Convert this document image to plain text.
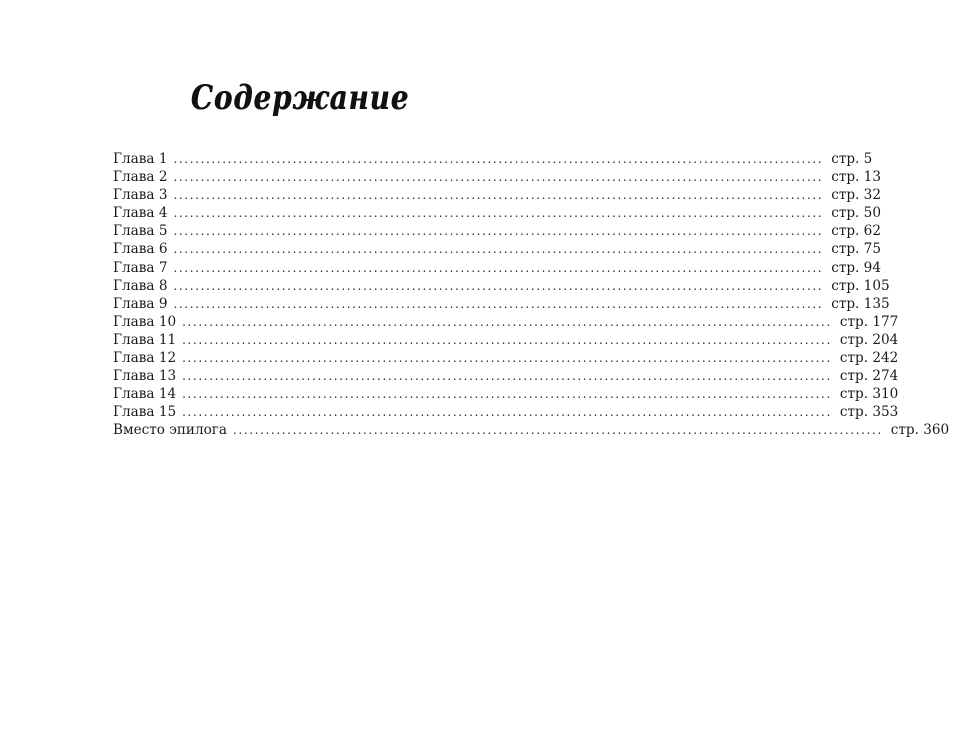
Содержание
Глава 1 ........................................................................................................................ стр. 5
Глава 2 ........................................................................................................................ стр. 13
Глава 3 ........................................................................................................................ стр. 32
Глава 4 ........................................................................................................................ стр. 50
Глава 5 ........................................................................................................................ стр. 62
Глава 6 ........................................................................................................................ стр. 75
Глава 7 ........................................................................................................................ стр. 94
Глава 8 ........................................................................................................................ стр. 105
Глава 9 ........................................................................................................................ стр. 135
Глава 10 ........................................................................................................................ стр. 177
Глава 11 ........................................................................................................................ стр. 204
Глава 12 ........................................................................................................................ стр. 242
Глава 13 ........................................................................................................................ стр. 274
Глава 14 ........................................................................................................................ стр. 310
Глава 15 ........................................................................................................................ стр. 353
Вместо эпилога ........................................................................................................................ стр. 360
